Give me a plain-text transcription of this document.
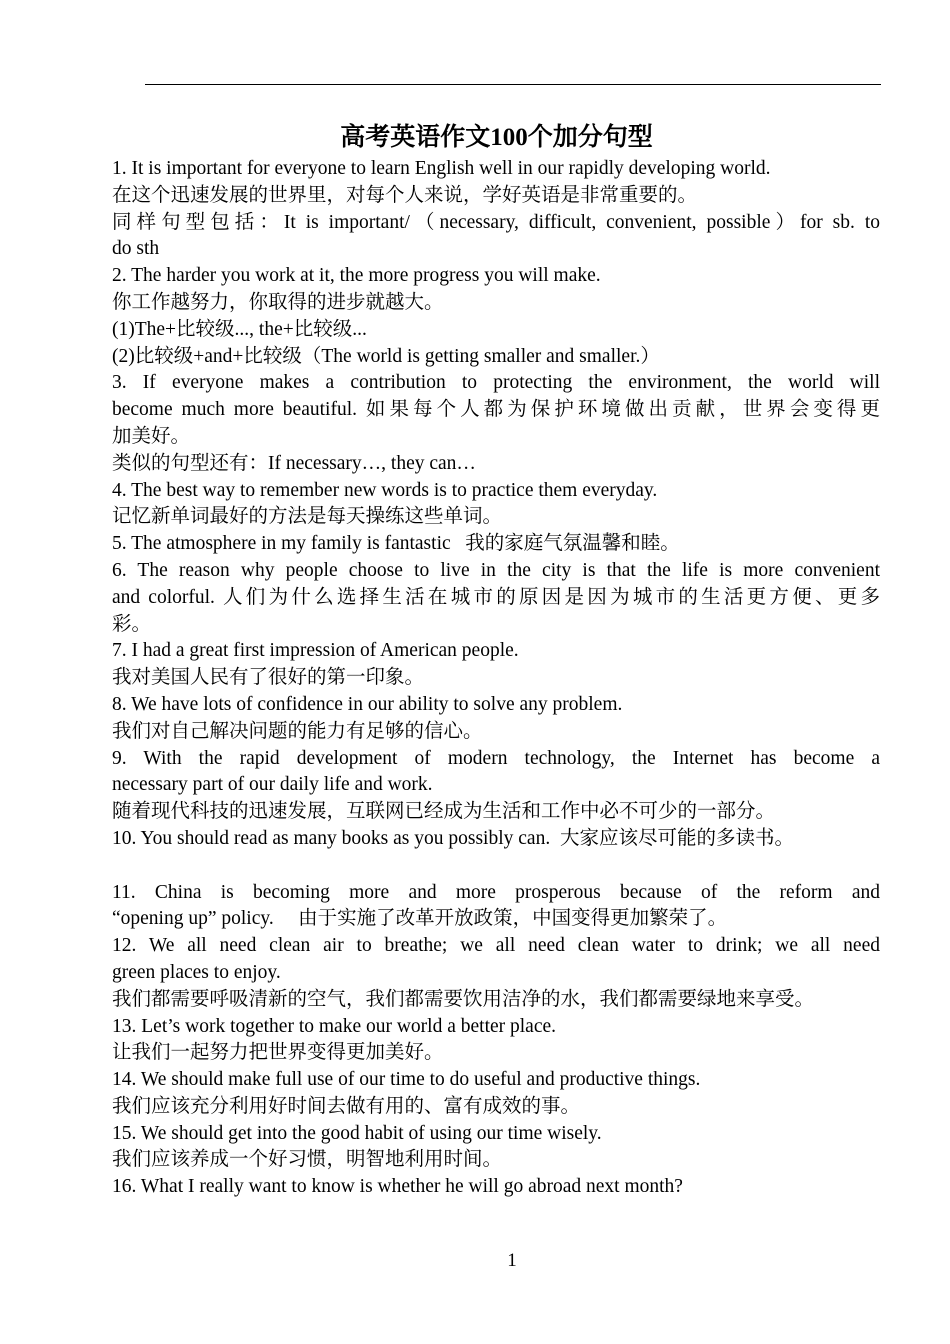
高考英语作文100个加分句型
1. It is important for everyone to learn English well in our rapidly developing world.
在这个迅速发展的世界里，对每个人来说，学好英语是非常重要的。
同样句型包括：It is important/（necessary, difficult, convenient, possible）for sb. to
do sth
2. The harder you work at it, the more progress you will make.
你工作越努力，你取得的进步就越大。
(1)The+比较级..., the+比较级...
(2)比较级+and+比较级（The world is getting smaller and smaller.）
3. If everyone makes a contribution to protecting the environment, the world will
become much more beautiful. 如果每个人都为保护环境做出贡献，世界会变得更
加美好。
类似的句型还有：If necessary…, they can…
4. The best way to remember new words is to practice them everyday.
记忆新单词最好的方法是每天操练这些单词。
5. The atmosphere in my family is fantastic   我的家庭气氛温馨和睦。
6. The reason why people choose to live in the city is that the life is more convenient
and colorful. 人们为什么选择生活在城市的原因是因为城市的生活更方便、更多
彩。
7. I had a great first impression of American people.
我对美国人民有了很好的第一印象。
8. We have lots of confidence in our ability to solve any problem.
我们对自己解决问题的能力有足够的信心。
9. With the rapid development of modern technology, the Internet has become a
necessary part of our daily life and work.
随着现代科技的迅速发展，互联网已经成为生活和工作中必不可少的一部分。
10. You should read as many books as you possibly can.  大家应该尽可能的多读书。
11. China is becoming more and more prosperous because of the reform and
“opening up” policy.     由于实施了改革开放政策，中国变得更加繁荣了。
12. We all need clean air to breathe; we all need clean water to drink; we all need
green places to enjoy.
我们都需要呼吸清新的空气，我们都需要饮用洁净的水，我们都需要绿地来享受。
13. Let’s work together to make our world a better place.
让我们一起努力把世界变得更加美好。
14. We should make full use of our time to do useful and productive things.
我们应该充分利用好时间去做有用的、富有成效的事。
15. We should get into the good habit of using our time wisely.
我们应该养成一个好习惯，明智地利用时间。
16. What I really want to know is whether he will go abroad next month?
1
